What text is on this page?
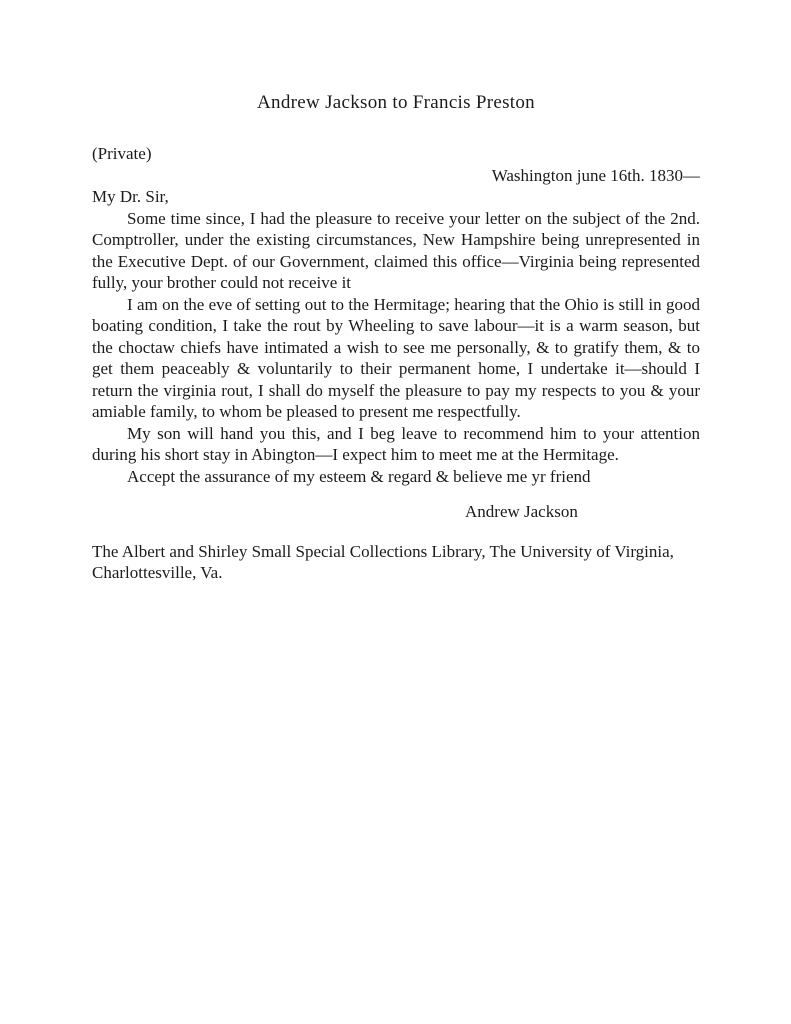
Andrew Jackson to Francis Preston

(Private)

Washington june 16th. 1830—

My Dr. Sir,

Some time since, I had the pleasure to receive your letter on the subject of the 2nd. Comptroller, under the existing circumstances, New Hampshire being unrepresented in the Executive Dept. of our Government, claimed this office—Virginia being represented fully, your brother could not receive it

I am on the eve of setting out to the Hermitage; hearing that the Ohio is still in good boating condition, I take the rout by Wheeling to save labour—it is a warm season, but the choctaw chiefs have intimated a wish to see me personally, & to gratify them, & to get them peaceably & voluntarily to their permanent home, I undertake it—should I return the virginia rout, I shall do myself the pleasure to pay my respects to you & your amiable family, to whom be pleased to present me respectfully.

My son will hand you this, and I beg leave to recommend him to your attention during his short stay in Abington—I expect him to meet me at the Hermitage.

Accept the assurance of my esteem & regard & believe me yr friend

Andrew Jackson

The Albert and Shirley Small Special Collections Library, The University of Virginia, Charlottesville, Va.
